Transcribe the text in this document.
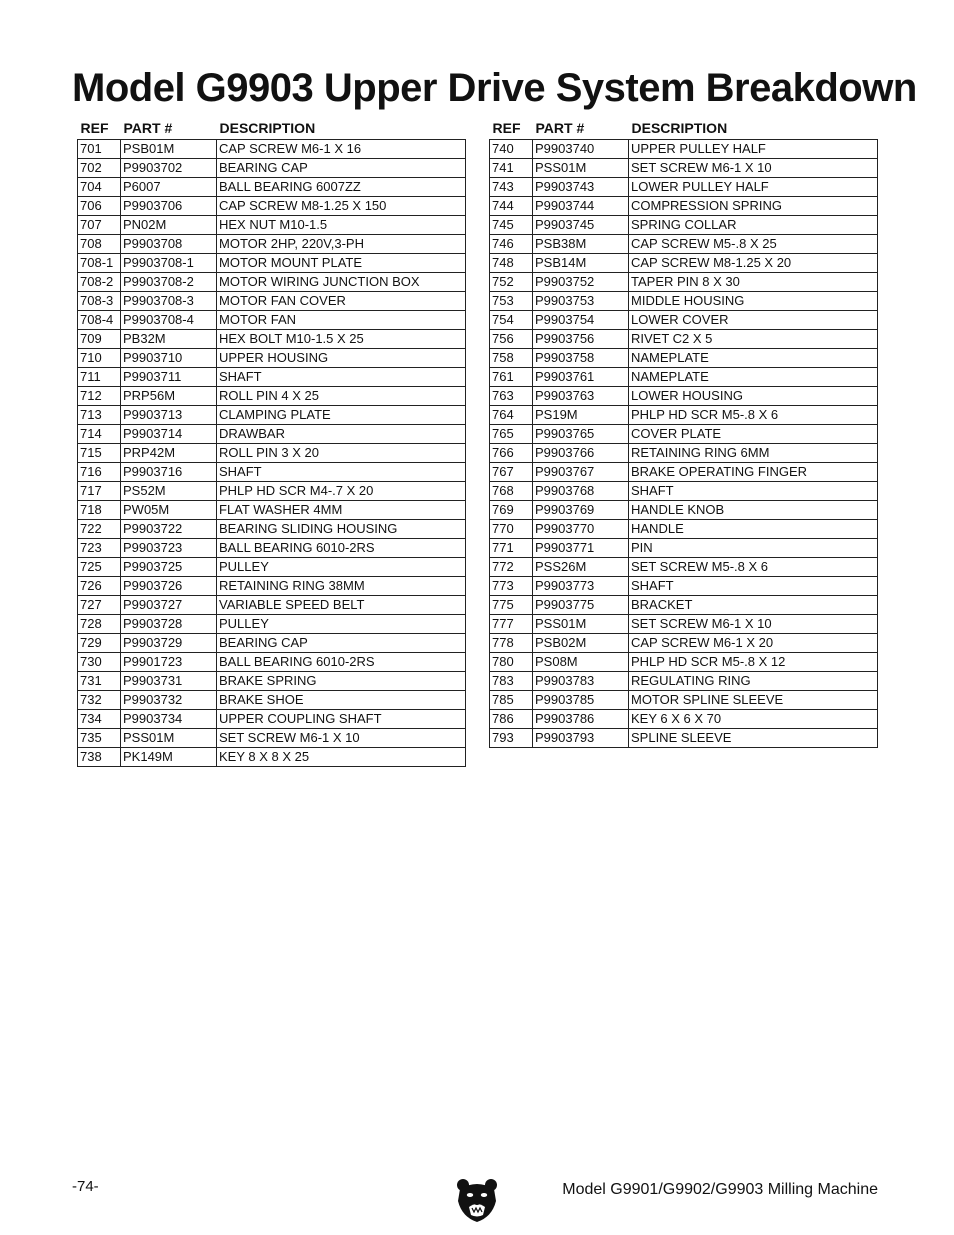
Model G9903 Upper Drive System Breakdown
REF	PART #	DESCRIPTION
701	PSB01M	CAP SCREW M6-1 X 16
702	P9903702	BEARING CAP
704	P6007	BALL BEARING 6007ZZ
706	P9903706	CAP SCREW M8-1.25 X 150
707	PN02M	HEX NUT M10-1.5
708	P9903708	MOTOR 2HP, 220V,3-PH
708-1	P9903708-1	MOTOR MOUNT PLATE
708-2	P9903708-2	MOTOR WIRING JUNCTION BOX
708-3	P9903708-3	MOTOR FAN COVER
708-4	P9903708-4	MOTOR FAN
709	PB32M	HEX BOLT M10-1.5 X 25
710	P9903710	UPPER HOUSING
711	P9903711	SHAFT
712	PRP56M	ROLL PIN 4 X 25
713	P9903713	CLAMPING PLATE
714	P9903714	DRAWBAR
715	PRP42M	ROLL PIN 3 X 20
716	P9903716	SHAFT
717	PS52M	PHLP HD SCR M4-.7 X 20
718	PW05M	FLAT WASHER 4MM
722	P9903722	BEARING SLIDING HOUSING
723	P9903723	BALL BEARING 6010-2RS
725	P9903725	PULLEY
726	P9903726	RETAINING RING 38MM
727	P9903727	VARIABLE SPEED BELT
728	P9903728	PULLEY
729	P9903729	BEARING CAP
730	P9901723	BALL BEARING 6010-2RS
731	P9903731	BRAKE SPRING
732	P9903732	BRAKE SHOE
734	P9903734	UPPER COUPLING SHAFT
735	PSS01M	SET SCREW M6-1 X 10
738	PK149M	KEY 8 X 8 X 25
REF	PART #	DESCRIPTION
740	P9903740	UPPER PULLEY HALF
741	PSS01M	SET SCREW M6-1 X 10
743	P9903743	LOWER PULLEY HALF
744	P9903744	COMPRESSION SPRING
745	P9903745	SPRING COLLAR
746	PSB38M	CAP SCREW M5-.8 X 25
748	PSB14M	CAP SCREW M8-1.25 X 20
752	P9903752	TAPER PIN 8 X 30
753	P9903753	MIDDLE HOUSING
754	P9903754	LOWER COVER
756	P9903756	RIVET C2 X 5
758	P9903758	NAMEPLATE
761	P9903761	NAMEPLATE
763	P9903763	LOWER HOUSING
764	PS19M	PHLP HD SCR M5-.8 X 6
765	P9903765	COVER PLATE
766	P9903766	RETAINING RING 6MM
767	P9903767	BRAKE OPERATING FINGER
768	P9903768	SHAFT
769	P9903769	HANDLE KNOB
770	P9903770	HANDLE
771	P9903771	PIN
772	PSS26M	SET SCREW M5-.8 X 6
773	P9903773	SHAFT
775	P9903775	BRACKET
777	PSS01M	SET SCREW M6-1 X 10
778	PSB02M	CAP SCREW M6-1 X 20
780	PS08M	PHLP HD SCR M5-.8 X 12
783	P9903783	REGULATING RING
785	P9903785	MOTOR SPLINE SLEEVE
786	P9903786	KEY 6 X 6 X 70
793	P9903793	SPLINE SLEEVE
-74-	Model G9901/G9902/G9903 Milling Machine
